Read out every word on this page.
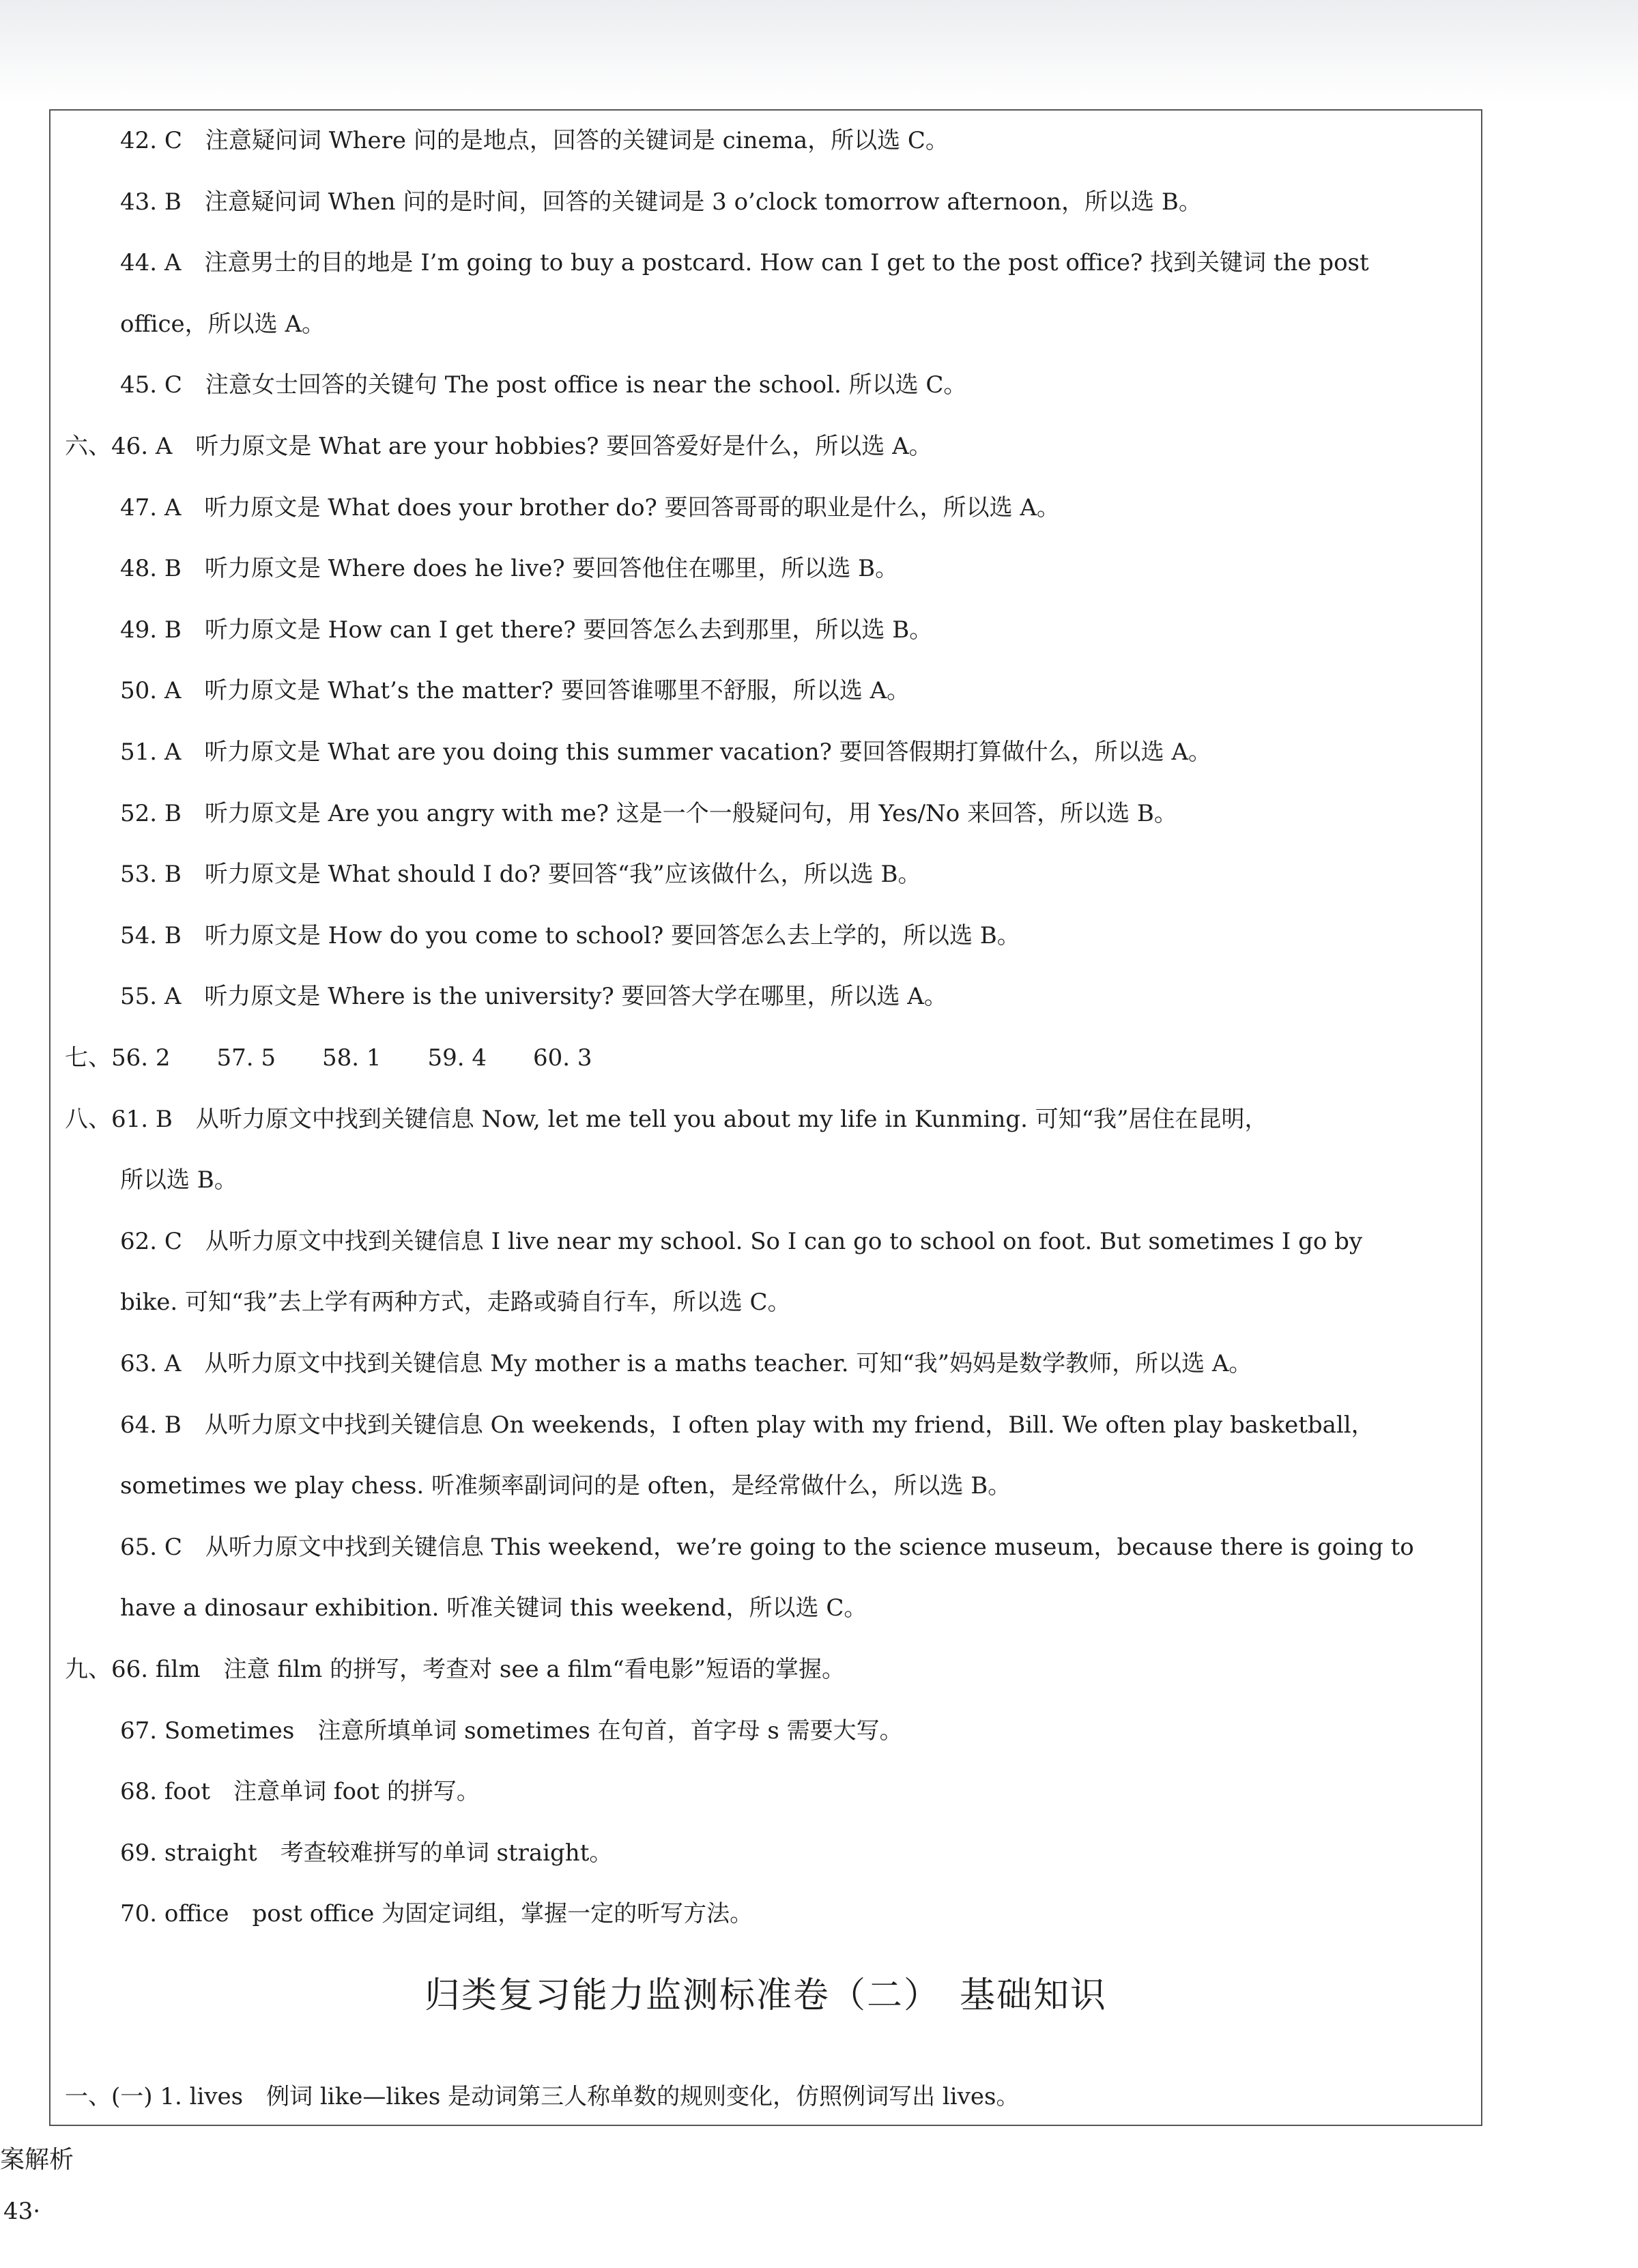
42. C　注意疑问词 Where 问的是地点，回答的关键词是 cinema，所以选 C。
43. B　注意疑问词 When 问的是时间，回答的关键词是 3 o’clock tomorrow afternoon，所以选 B。
44. A　注意男士的目的地是 I’m going to buy a postcard. How can I get to the post office? 找到关键词 the post
office，所以选 A。
45. C　注意女士回答的关键句 The post office is near the school. 所以选 C。
六、46. A　听力原文是 What are your hobbies? 要回答爱好是什么，所以选 A。
47. A　听力原文是 What does your brother do? 要回答哥哥的职业是什么，所以选 A。
48. B　听力原文是 Where does he live? 要回答他住在哪里，所以选 B。
49. B　听力原文是 How can I get there? 要回答怎么去到那里，所以选 B。
50. A　听力原文是 What’s the matter? 要回答谁哪里不舒服，所以选 A。
51. A　听力原文是 What are you doing this summer vacation? 要回答假期打算做什么，所以选 A。
52. B　听力原文是 Are you angry with me? 这是一个一般疑问句，用 Yes/No 来回答，所以选 B。
53. B　听力原文是 What should I do? 要回答“我”应该做什么，所以选 B。
54. B　听力原文是 How do you come to school? 要回答怎么去上学的，所以选 B。
55. A　听力原文是 Where is the university? 要回答大学在哪里，所以选 A。
七、56. 2　　57. 5　　58. 1　　59. 4　　60. 3
八、61. B　从听力原文中找到关键信息 Now, let me tell you about my life in Kunming. 可知“我”居住在昆明，
所以选 B。
62. C　从听力原文中找到关键信息 I live near my school. So I can go to school on foot. But sometimes I go by
bike. 可知“我”去上学有两种方式，走路或骑自行车，所以选 C。
63. A　从听力原文中找到关键信息 My mother is a maths teacher. 可知“我”妈妈是数学教师，所以选 A。
64. B　从听力原文中找到关键信息 On weekends，I often play with my friend，Bill. We often play basketball，
sometimes we play chess. 听准频率副词问的是 often，是经常做什么，所以选 B。
65. C　从听力原文中找到关键信息 This weekend，we’re going to the science museum，because there is going to
have a dinosaur exhibition. 听准关键词 this weekend，所以选 C。
九、66. film　注意 film 的拼写，考查对 see a film“看电影”短语的掌握。
67. Sometimes　注意所填单词 sometimes 在句首，首字母 s 需要大写。
68. foot　注意单词 foot 的拼写。
69. straight　考查较难拼写的单词 straight。
70. office　post office 为固定词组，掌握一定的听写方法。
归类复习能力监测标准卷（二）　基础知识
一、(一) 1. lives　例词 like—likes 是动词第三人称单数的规则变化，仿照例词写出 lives。
案解析
43·
